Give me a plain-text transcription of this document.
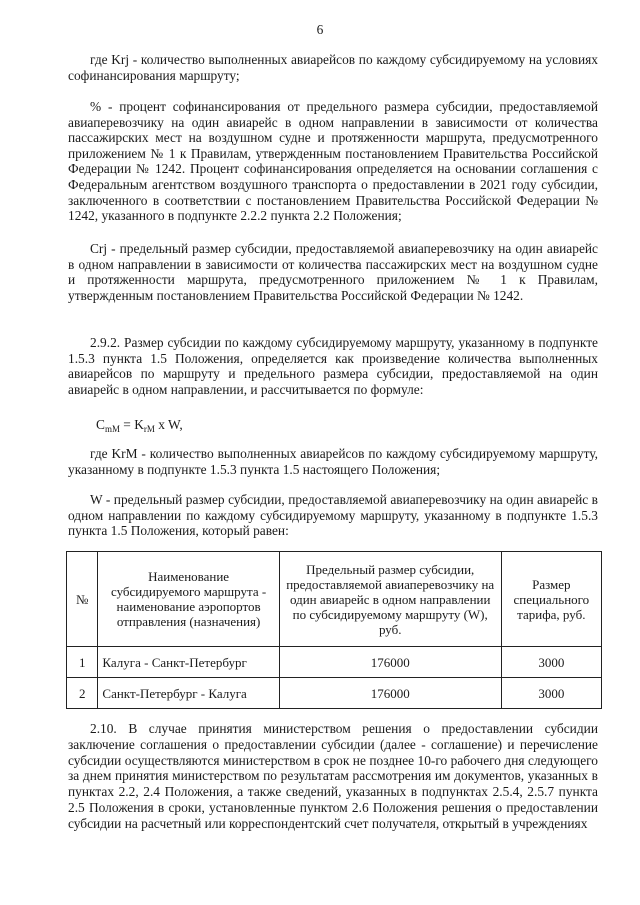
6

где Krj - количество выполненных авиарейсов по каждому субсидируемому на условиях софинансирования маршруту;

% - процент софинансирования от предельного размера субсидии, предоставляемой авиаперевозчику на один авиарейс в одном направлении в зависимости от количества пассажирских мест на воздушном судне и протяженности маршрута, предусмотренного приложением № 1 к Правилам, утвержденным постановлением Правительства Российской Федерации № 1242. Процент софинансирования определяется на основании соглашения с Федеральным агентством воздушного транспорта о предоставлении в 2021 году субсидии, заключенного в соответствии с постановлением Правительства Российской Федерации № 1242, указанного в подпункте 2.2.2 пункта 2.2 Положения;

Crj - предельный размер субсидии, предоставляемой авиаперевозчику на один авиарейс в одном направлении в зависимости от количества пассажирских мест на воздушном судне и протяженности маршрута, предусмотренного приложением № 1 к Правилам, утвержденным постановлением Правительства Российской Федерации № 1242.

2.9.2. Размер субсидии по каждому субсидируемому маршруту, указанному в подпункте 1.5.3 пункта 1.5 Положения, определяется как произведение количества выполненных авиарейсов по маршруту и предельного размера субсидии, предоставляемой на один авиарейс в одном направлении, и рассчитывается по формуле:

$C_{mM} = K_{rM}$ x W,

где KrM - количество выполненных авиарейсов по каждому субсидируемому маршруту, указанному в подпункте 1.5.3 пункта 1.5 настоящего Положения;

W - предельный размер субсидии, предоставляемой авиаперевозчику на один авиарейс в одном направлении по каждому субсидируемому маршруту, указанному в подпункте 1.5.3 пункта 1.5 Положения, который равен:

№	Наименование субсидируемого маршрута - наименование аэропортов отправления (назначения)	Предельный размер субсидии, предоставляемой авиаперевозчику на один авиарейс в одном направлении по субсидируемому маршруту (W), руб.	Размер специального тарифа, руб.
1	Калуга - Санкт-Петербург	176000	3000
2	Санкт-Петербург - Калуга	176000	3000

2.10. В случае принятия министерством решения о предоставлении субсидии заключение соглашения о предоставлении субсидии (далее - соглашение) и перечисление субсидии осуществляются министерством в срок не позднее 10-го рабочего дня следующего за днем принятия министерством по результатам рассмотрения им документов, указанных в пунктах 2.2, 2.4 Положения, а также сведений, указанных в подпунктах 2.5.4, 2.5.7 пункта 2.5 Положения в сроки, установленные пунктом 2.6 Положения решения о предоставлении субсидии на расчетный или корреспондентский счет получателя, открытый в учреждениях
